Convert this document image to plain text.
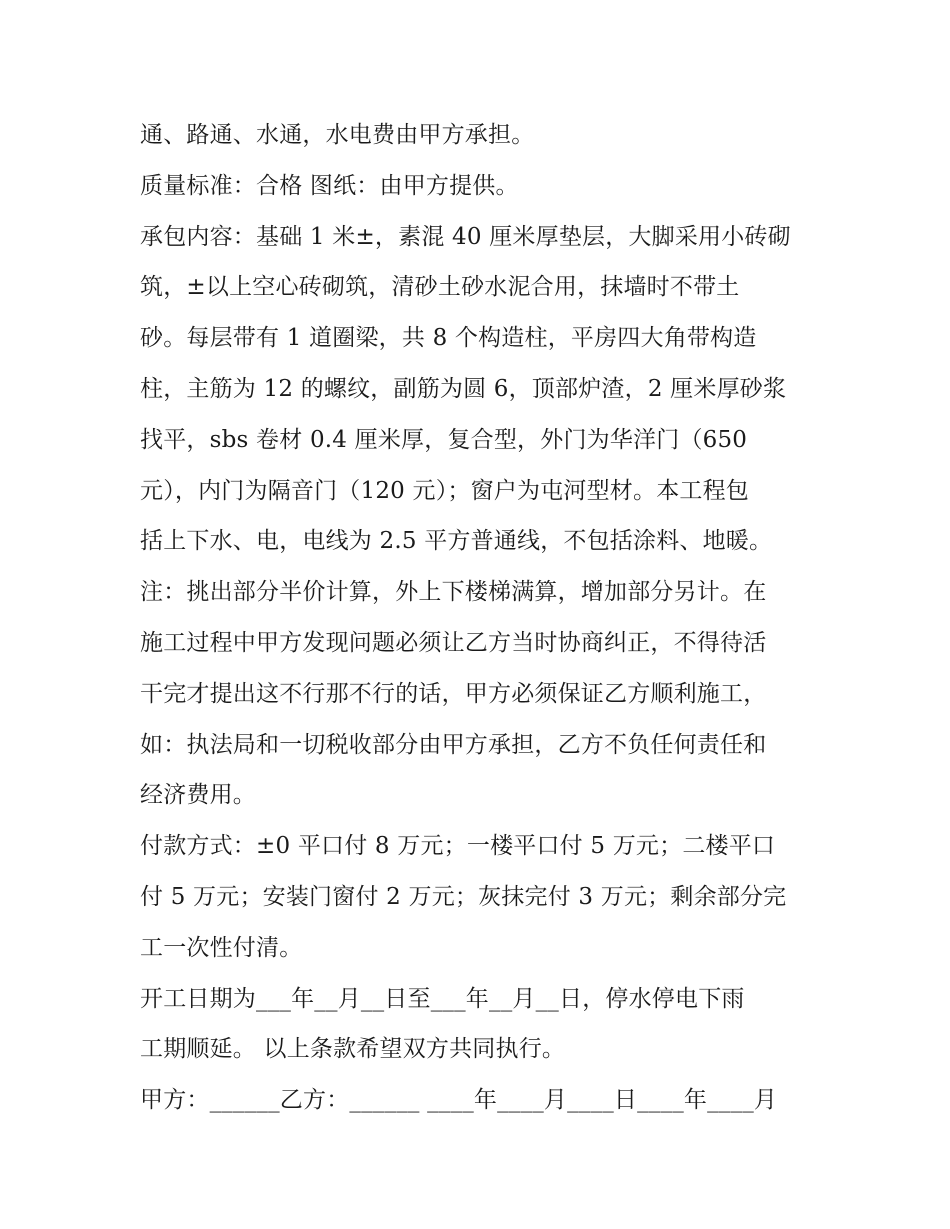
通、路通、水通，水电费由甲方承担。
质量标准：合格 图纸：由甲方提供。
承包内容：基础 1 米±，素混 40 厘米厚垫层，大脚采用小砖砌
筑，±以上空心砖砌筑，清砂土砂水泥合用，抹墙时不带土
砂。每层带有 1 道圈梁，共 8 个构造柱，平房四大角带构造
柱，主筋为 12 的螺纹，副筋为圆 6，顶部炉渣，2 厘米厚砂浆
找平，sbs 卷材 0.4 厘米厚，复合型，外门为华洋门（650
元），内门为隔音门（120 元）；窗户为屯河型材。本工程包
括上下水、电，电线为 2.5 平方普通线，不包括涂料、地暖。
注：挑出部分半价计算，外上下楼梯满算，增加部分另计。在
施工过程中甲方发现问题必须让乙方当时协商纠正，不得待活
干完才提出这不行那不行的话，甲方必须保证乙方顺利施工，
如：执法局和一切税收部分由甲方承担，乙方不负任何责任和
经济费用。
付款方式：±0 平口付 8 万元；一楼平口付 5 万元；二楼平口
付 5 万元；安装门窗付 2 万元；灰抹完付 3 万元；剩余部分完
工一次性付清。
开工日期为___年__月__日至___年__月__日，停水停电下雨
工期顺延。 以上条款希望双方共同执行。
甲方：______乙方：______ ____年____月____日____年____月
